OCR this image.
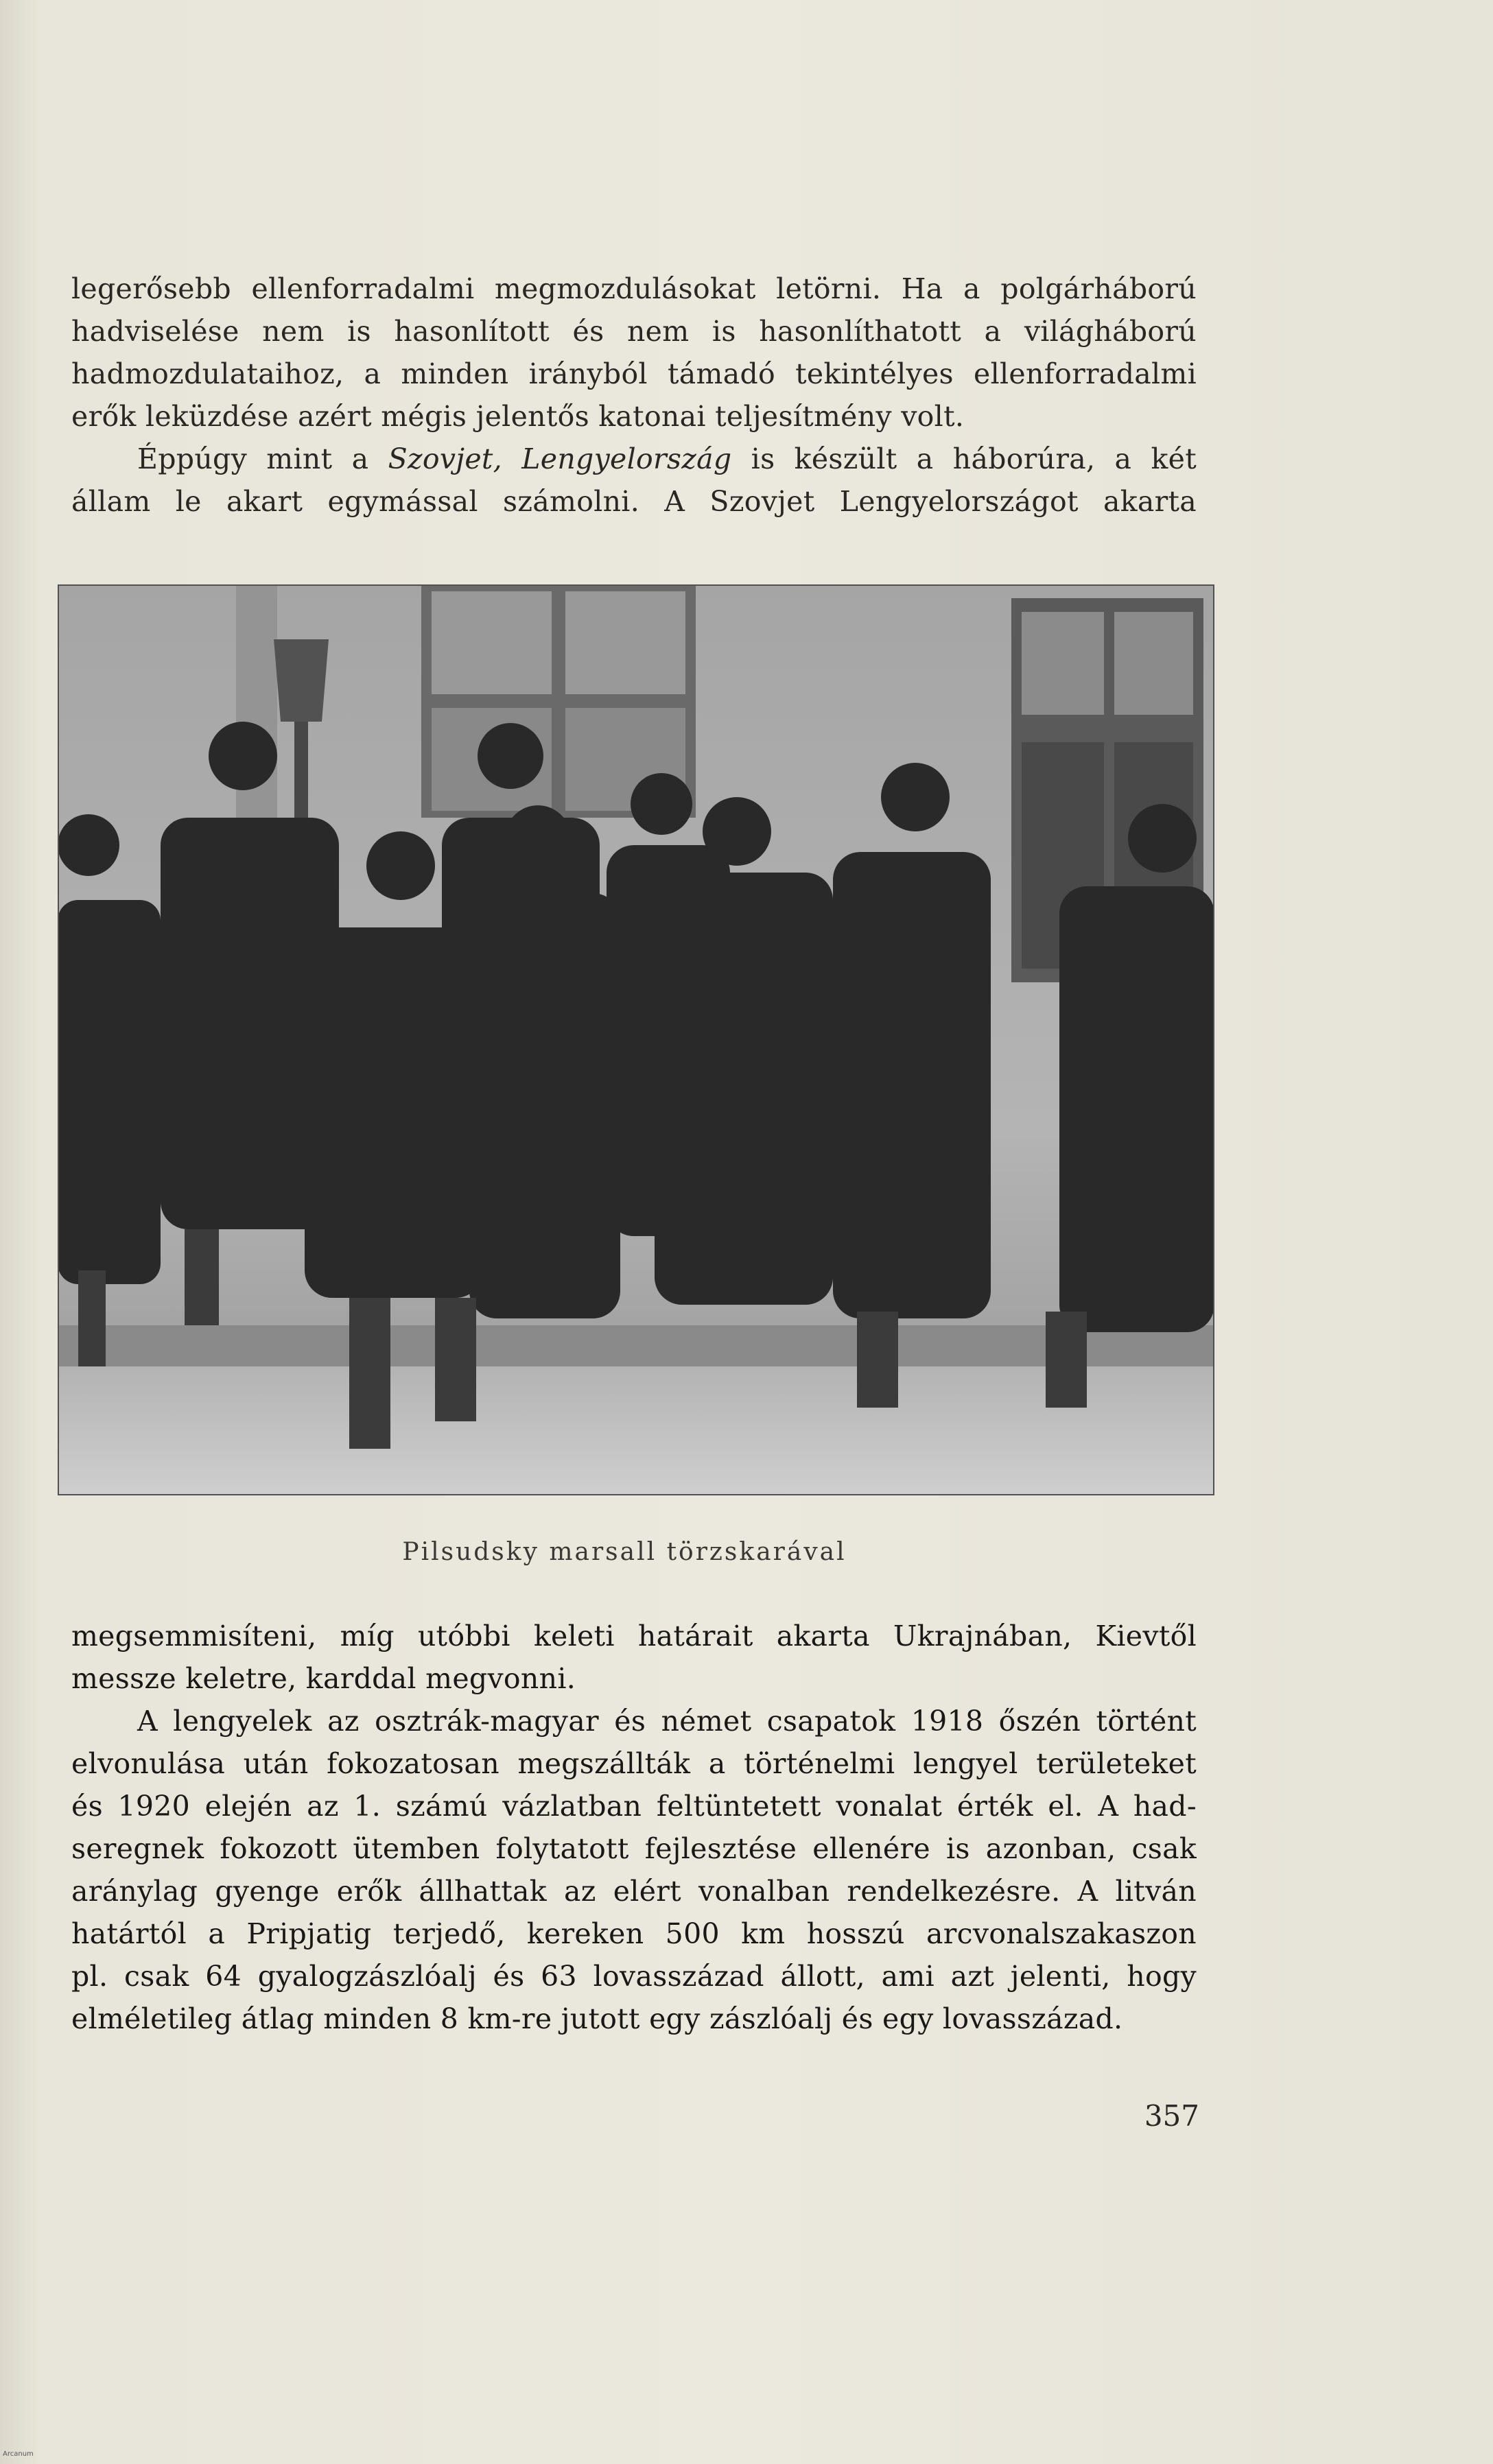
legerősebb ellenforradalmi megmozdulásokat letörni. Ha a polgárháború
hadviselése nem is hasonlított és nem is hasonlíthatott a világháború
hadmozdulataihoz, a minden irányból támadó tekintélyes ellenforradalmi
erők leküzdése azért mégis jelentős katonai teljesítmény volt.

Éppúgy mint a Szovjet, Lengyelország is készült a háborúra, a két
állam le akart egymással számolni. A Szovjet Lengyelországot akarta

Pilsudsky marsall törzskarával

megsemmisíteni, míg utóbbi keleti határait akarta Ukrajnában, Kievtől
messze keletre, karddal megvonni.

A lengyelek az osztrák-magyar és német csapatok 1918 őszén történt
elvonulása után fokozatosan megszállták a történelmi lengyel területeket
és 1920 elején az 1. számú vázlatban feltüntetett vonalat érték el. A had-
seregnek fokozott ütemben folytatott fejlesztése ellenére is azonban, csak
aránylag gyenge erők állhattak az elért vonalban rendelkezésre. A litván
határtól a Pripjatig terjedő, kereken 500 km hosszú arcvonalszakaszon
pl. csak 64 gyalogzászlóalj és 63 lovasszázad állott, ami azt jelenti, hogy
elméletileg átlag minden 8 km-re jutott egy zászlóalj és egy lovasszázad.

357
Arcanum
